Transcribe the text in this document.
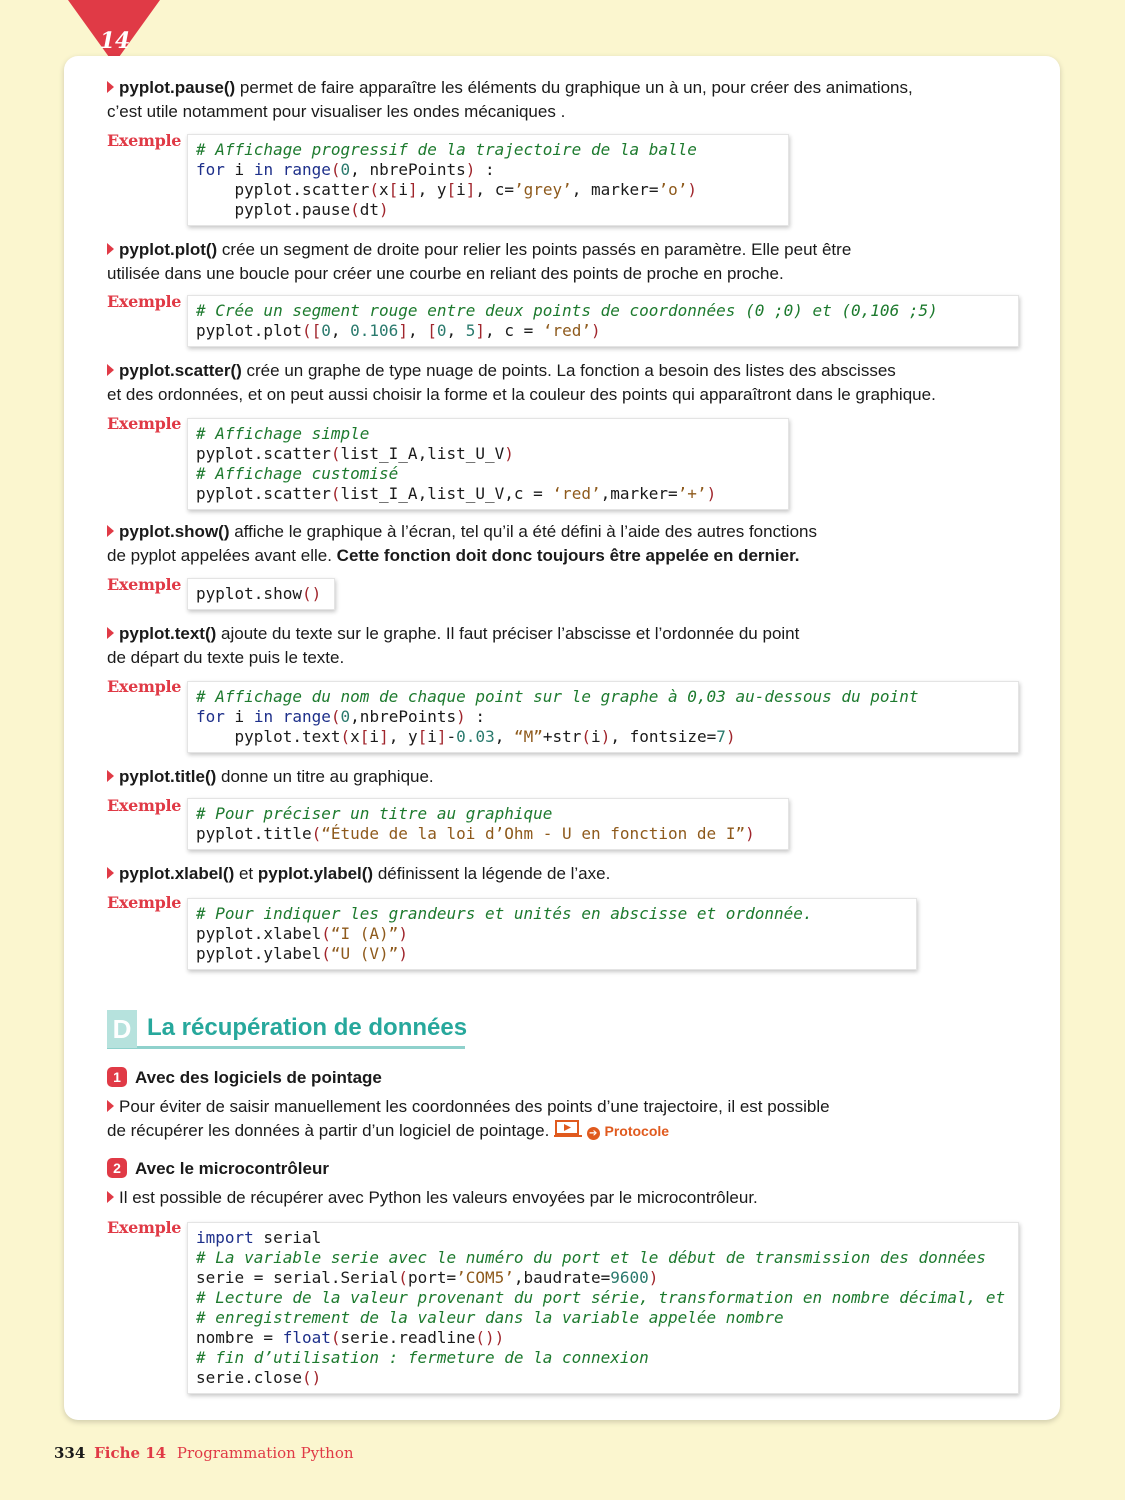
14
pyplot.pause() permet de faire apparaître les éléments du graphique un à un, pour créer des animations,
c’est utile notamment pour visualiser les ondes mécaniques .
Exemple # Affichage progressif de la trajectoire de la balle
for i in range(0, nbrePoints) :
pyplot.scatter(x[i], y[i], c=’grey’, marker=’o’)
pyplot.pause(dt)
pyplot.plot() crée un segment de droite pour relier les points passés en paramètre. Elle peut être
utilisée dans une boucle pour créer une courbe en reliant des points de proche en proche.
Exemple # Crée un segment rouge entre deux points de coordonnées (0 ;0) et (0,106 ;5)
pyplot.plot([0, 0.106], [0, 5], c = ‘red’)
pyplot.scatter() crée un graphe de type nuage de points. La fonction a besoin des listes des abscisses
et des ordonnées, et on peut aussi choisir la forme et la couleur des points qui apparaîtront dans le graphique.
Exemple
# Affichage simple
pyplot.scatter(list_I_A,list_U_V)
# Affichage customisé
pyplot.scatter(list_I_A,list_U_V,c = ‘red’,marker=’+’)
pyplot.show() affiche le graphique à l’écran, tel qu’il a été défini à l’aide des autres fonctions
de pyplot appelées avant elle. Cette fonction doit donc toujours être appelée en dernier.
Exemple pyplot.show()
pyplot.text() ajoute du texte sur le graphe. Il faut préciser l’abscisse et l’ordonnée du point
de départ du texte puis le texte.
Exemple
# Affichage du nom de chaque point sur le graphe à 0,03 au-dessous du point
for i in range(0,nbrePoints) :
pyplot.text(x[i], y[i]-0.03, “M”+str(i), fontsize=7)
pyplot.title() donne un titre au graphique.
Exemple # Pour préciser un titre au graphique
pyplot.title(“Étude de la loi d’Ohm - U en fonction de I”)
pyplot.xlabel() et pyplot.ylabel() définissent la légende de l’axe.
Exemple
# Pour indiquer les grandeurs et unités en abscisse et ordonnée.
pyplot.xlabel(“I (A)”)
pyplot.ylabel(“U (V)”)
D La récupération de données
1 Avec des logiciels de pointage
Pour éviter de saisir manuellement les coordonnées des points d’une trajectoire, il est possible
de récupérer les données à partir d’un logiciel de pointage.	➔ Protocole
2 Avec le microcontrôleur
Il est possible de récupérer avec Python les valeurs envoyées par le microcontrôleur.
Exemple
import serial
# La variable serie avec le numéro du port et le début de transmission des données
serie = serial.Serial(port=’COM5’,baudrate=9600)
# Lecture de la valeur provenant du port série, transformation en nombre décimal, et
# enregistrement de la valeur dans la variable appelée nombre
nombre = float(serie.readline())
# fin d’utilisation : fermeture de la connexion
serie.close()
334 Fiche 14 Programmation Python
